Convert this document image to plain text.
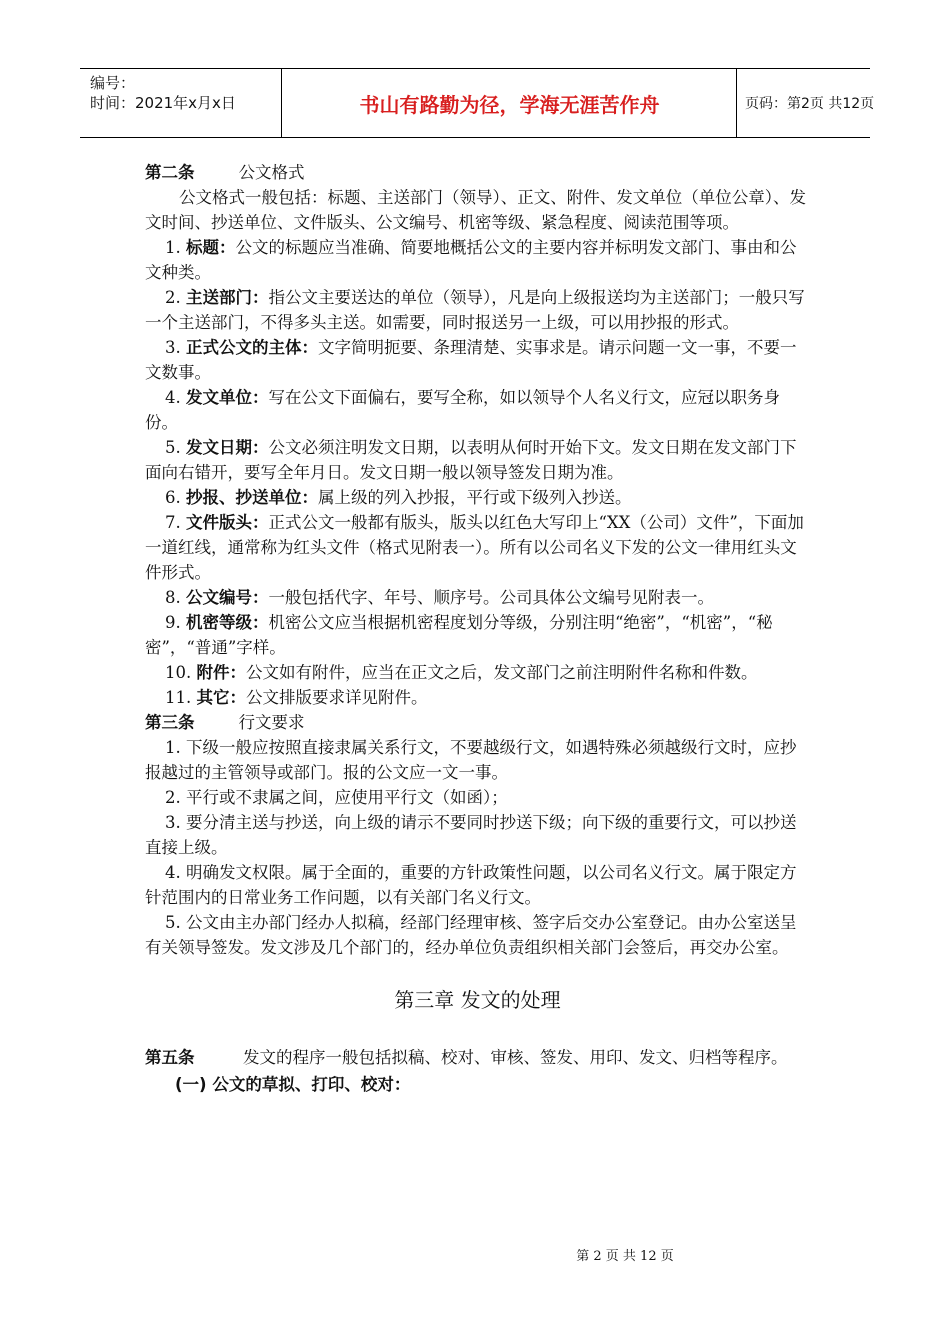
编号：
时间：2021年x月x日	书山有路勤为径，学海无涯苦作舟	页码：第2页 共12页
第二条	公文格式
公文格式一般包括：标题、主送部门（领导）、正文、附件、发文单位（单位公章）、发文时间、抄送单位、文件版头、公文编号、机密等级、紧急程度、阅读范围等项。
1. 标题：公文的标题应当准确、简要地概括公文的主要内容并标明发文部门、事由和公文种类。
2. 主送部门：指公文主要送达的单位（领导），凡是向上级报送均为主送部门；一般只写一个主送部门，不得多头主送。如需要，同时报送另一上级，可以用抄报的形式。
3. 正式公文的主体：文字简明扼要、条理清楚、实事求是。请示问题一文一事，不要一文数事。
4. 发文单位：写在公文下面偏右，要写全称，如以领导个人名义行文，应冠以职务身份。
5. 发文日期：公文必须注明发文日期，以表明从何时开始下文。发文日期在发文部门下面向右错开，要写全年月日。发文日期一般以领导签发日期为准。
6. 抄报、抄送单位：属上级的列入抄报，平行或下级列入抄送。
7. 文件版头：正式公文一般都有版头，版头以红色大写印上“XX（公司）文件”，下面加一道红线，通常称为红头文件（格式见附表一）。所有以公司名义下发的公文一律用红头文件形式。
8. 公文编号：一般包括代字、年号、顺序号。公司具体公文编号见附表一。
9. 机密等级：机密公文应当根据机密程度划分等级，分别注明“绝密”，“机密”，“秘密”，“普通”字样。
10. 附件：公文如有附件，应当在正文之后，发文部门之前注明附件名称和件数。
11. 其它：公文排版要求详见附件。
第三条	行文要求
1. 下级一般应按照直接隶属关系行文，不要越级行文，如遇特殊必须越级行文时，应抄报越过的主管领导或部门。报的公文应一文一事。
2. 平行或不隶属之间，应使用平行文（如函）；
3. 要分清主送与抄送，向上级的请示不要同时抄送下级；向下级的重要行文，可以抄送直接上级。
4. 明确发文权限。属于全面的，重要的方针政策性问题，以公司名义行文。属于限定方针范围内的日常业务工作问题，以有关部门名义行文。
5. 公文由主办部门经办人拟稿，经部门经理审核、签字后交办公室登记。由办公室送呈有关领导签发。发文涉及几个部门的，经办单位负责组织相关部门会签后，再交办公室。
第三章 发文的处理
第五条	发文的程序一般包括拟稿、校对、审核、签发、用印、发文、归档等程序。
(一) 公文的草拟、打印、校对：
第 2 页 共 12 页
